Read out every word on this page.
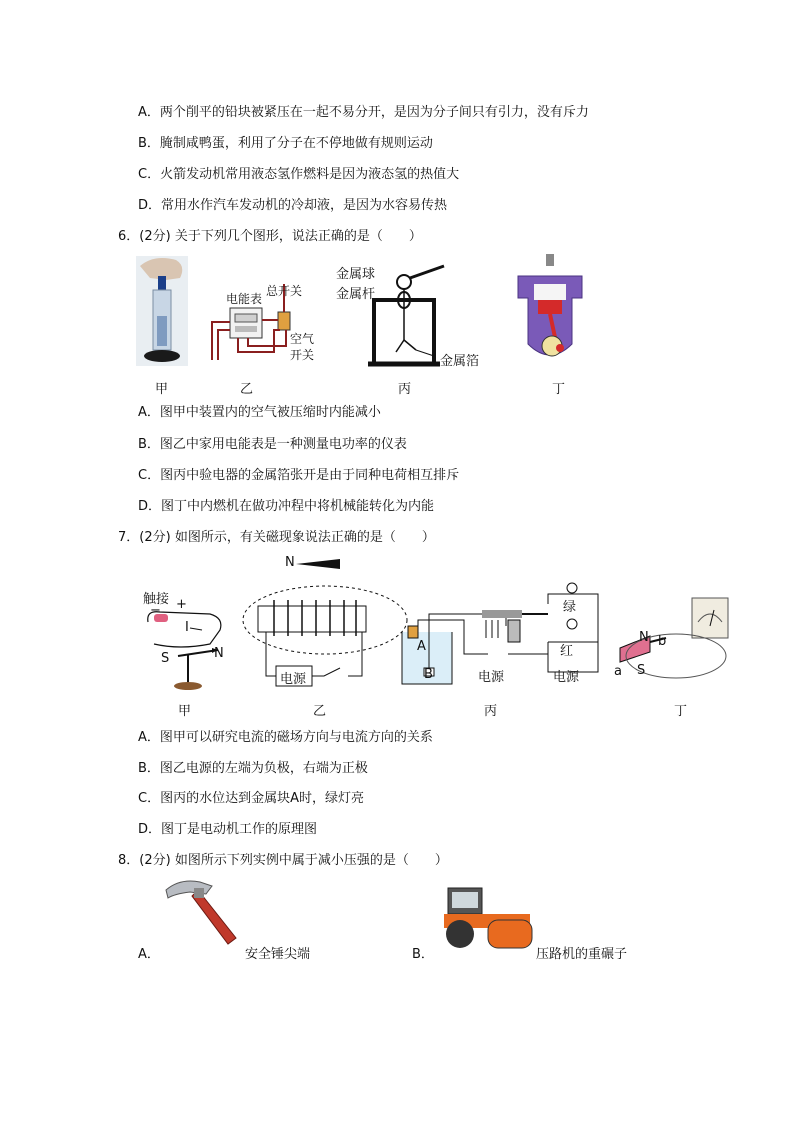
A．两个削平的铅块被紧压在一起不易分开，是因为分子间只有引力，没有斥力
B．腌制咸鸭蛋，利用了分子在不停地做有规则运动
C．火箭发动机常用液态氢作燃料是因为液态氢的热值大
D．常用水作汽车发动机的冷却液，是因为水容易传热
6．(2分) 关于下列几个图形，说法正确的是（　　）
甲
电能表
总开关
空气
开关
乙
金属球
金属杆
金属箔
丙	丁
A．图甲中装置内的空气被压缩时内能减小
B．图乙中家用电能表是一种测量电功率的仪表
C．图丙中验电器的金属箔张开是由于同种电荷相互排斥
D．图丁中内燃机在做功冲程中将机械能转化为内能
7．(2分) 如图所示，有关磁现象说法正确的是（　　）
触接
− +
I
S	N
甲
N
电源
乙
A
B
绿
红
电源	电源
丙
N
S
a
b
丁
A．图甲可以研究电流的磁场方向与电流方向的关系
B．图乙电源的左端为负极，右端为正极
C．图丙的水位达到金属块A时，绿灯亮
D．图丁是电动机工作的原理图
8．(2分) 如图所示下列实例中属于减小压强的是（　　）
A．	安全锤尖端	B．	压路机的重碾子
